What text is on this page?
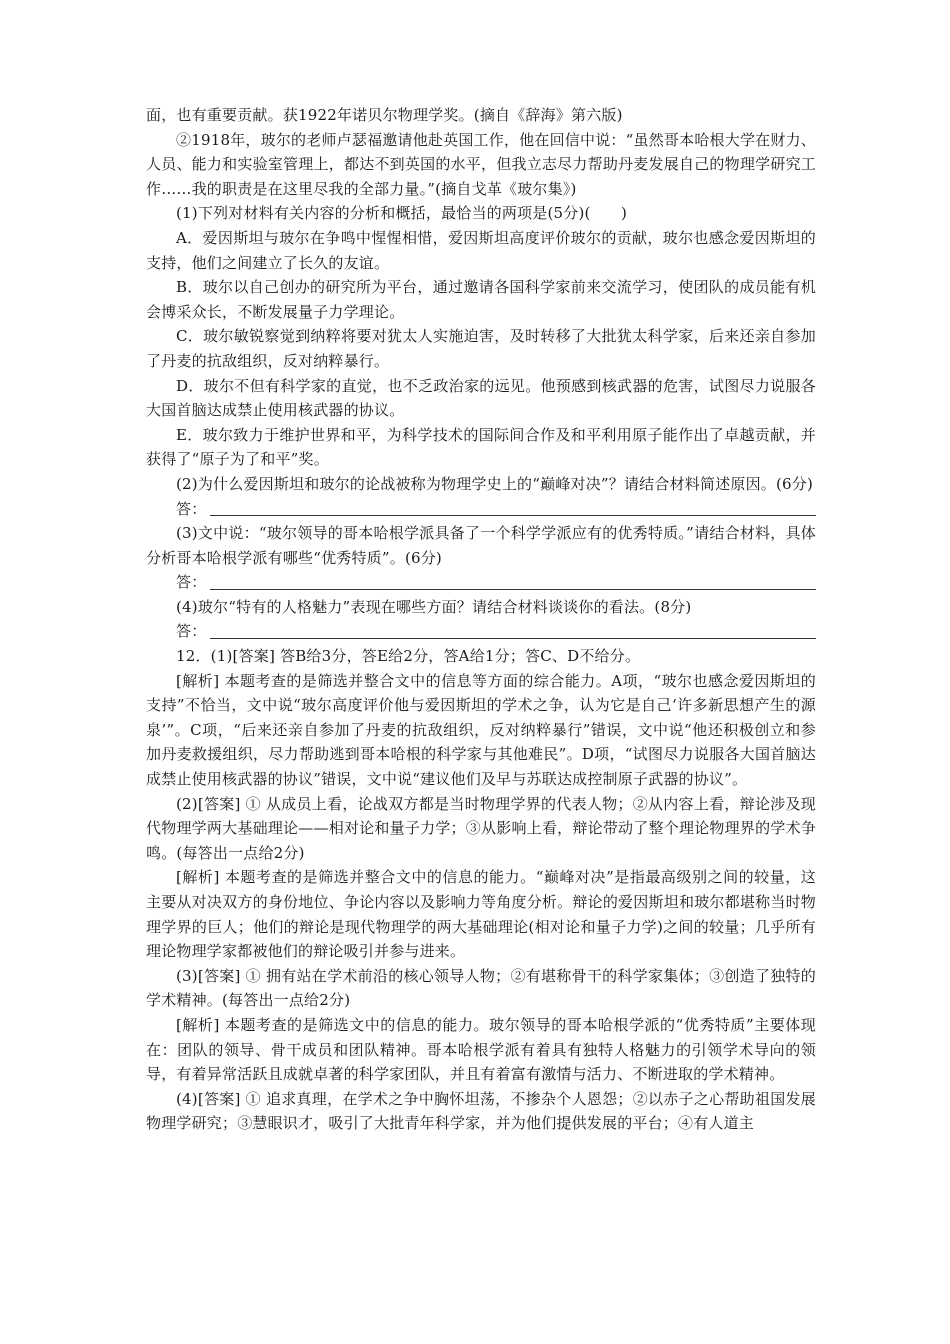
面，也有重要贡献。获1922年诺贝尔物理学奖。(摘自《辞海》第六版)

②1918年，玻尔的老师卢瑟福邀请他赴英国工作，他在回信中说：“虽然哥本哈根大学在财力、人员、能力和实验室管理上，都达不到英国的水平，但我立志尽力帮助丹麦发展自己的物理学研究工作……我的职责是在这里尽我的全部力量。”(摘自戈革《玻尔集》)

(1)下列对材料有关内容的分析和概括，最恰当的两项是(5分)(　　)

A．爱因斯坦与玻尔在争鸣中惺惺相惜，爱因斯坦高度评价玻尔的贡献，玻尔也感念爱因斯坦的支持，他们之间建立了长久的友谊。

B．玻尔以自己创办的研究所为平台，通过邀请各国科学家前来交流学习，使团队的成员能有机会博采众长，不断发展量子力学理论。

C．玻尔敏锐察觉到纳粹将要对犹太人实施迫害，及时转移了大批犹太科学家，后来还亲自参加了丹麦的抗敌组织，反对纳粹暴行。

D．玻尔不但有科学家的直觉，也不乏政治家的远见。他预感到核武器的危害，试图尽力说服各大国首脑达成禁止使用核武器的协议。

E．玻尔致力于维护世界和平，为科学技术的国际间合作及和平利用原子能作出了卓越贡献，并获得了“原子为了和平”奖。

(2)为什么爱因斯坦和玻尔的论战被称为物理学史上的“巅峰对决”？请结合材料简述原因。(6分)

答：

(3)文中说：“玻尔领导的哥本哈根学派具备了一个科学学派应有的优秀特质。”请结合材料，具体分析哥本哈根学派有哪些“优秀特质”。(6分)

答：

(4)玻尔“特有的人格魅力”表现在哪些方面？请结合材料谈谈你的看法。(8分)

答：

12．(1)[答案] 答B给3分，答E给2分，答A给1分；答C、D不给分。

[解析] 本题考查的是筛选并整合文中的信息等方面的综合能力。A项，“玻尔也感念爱因斯坦的支持”不恰当，文中说“玻尔高度评价他与爱因斯坦的学术之争，认为它是自己‘许多新思想产生的源泉’”。C项，“后来还亲自参加了丹麦的抗敌组织，反对纳粹暴行”错误，文中说“他还积极创立和参加丹麦救援组织，尽力帮助逃到哥本哈根的科学家与其他难民”。D项，“试图尽力说服各大国首脑达成禁止使用核武器的协议”错误，文中说“建议他们及早与苏联达成控制原子武器的协议”。

(2)[答案] ① 从成员上看，论战双方都是当时物理学界的代表人物；②从内容上看，辩论涉及现代物理学两大基础理论——相对论和量子力学；③从影响上看，辩论带动了整个理论物理界的学术争鸣。(每答出一点给2分)

[解析] 本题考查的是筛选并整合文中的信息的能力。“巅峰对决”是指最高级别之间的较量，这主要从对决双方的身份地位、争论内容以及影响力等角度分析。辩论的爱因斯坦和玻尔都堪称当时物理学界的巨人；他们的辩论是现代物理学的两大基础理论(相对论和量子力学)之间的较量；几乎所有理论物理学家都被他们的辩论吸引并参与进来。

(3)[答案] ① 拥有站在学术前沿的核心领导人物；②有堪称骨干的科学家集体；③创造了独特的学术精神。(每答出一点给2分)

[解析] 本题考查的是筛选文中的信息的能力。玻尔领导的哥本哈根学派的“优秀特质”主要体现在：团队的领导、骨干成员和团队精神。哥本哈根学派有着具有独特人格魅力的引领学术导向的领导，有着异常活跃且成就卓著的科学家团队，并且有着富有激情与活力、不断进取的学术精神。

(4)[答案] ① 追求真理，在学术之争中胸怀坦荡，不掺杂个人恩怨；②以赤子之心帮助祖国发展物理学研究；③慧眼识才，吸引了大批青年科学家，并为他们提供发展的平台；④有人道主
